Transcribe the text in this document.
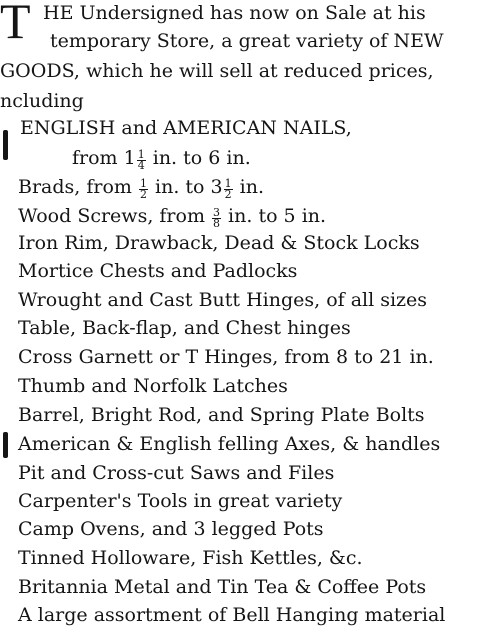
T HE Undersigned has now on Sale at his
temporary Store, a great variety of NEW
GOODS, which he will sell at reduced prices,
ncluding
ENGLISH and AMERICAN NAILS,
from $1 \frac{1}{4}$ in. to 6 in.
Brads, from $\frac{1}{2}$ in. to $3 \frac{1}{2}$ in.
Wood Screws, from $\frac{3}{8}$ in. to 5 in.
Iron Rim, Drawback, Dead & Stock Locks
Mortice Chests and Padlocks
Wrought and Cast Butt Hinges, of all sizes
Table, Back-flap, and Chest hinges
Cross Garnett or T Hinges, from 8 to 21 in.
Thumb and Norfolk Latches
Barrel, Bright Rod, and Spring Plate Bolts
American & English felling Axes, & handles
Pit and Cross-cut Saws and Files
Carpenter's Tools in great variety
Camp Ovens, and 3 legged Pots
Tinned Holloware, Fish Kettles, &c.
Britannia Metal and Tin Tea & Coffee Pots
A large assortment of Bell Hanging material
